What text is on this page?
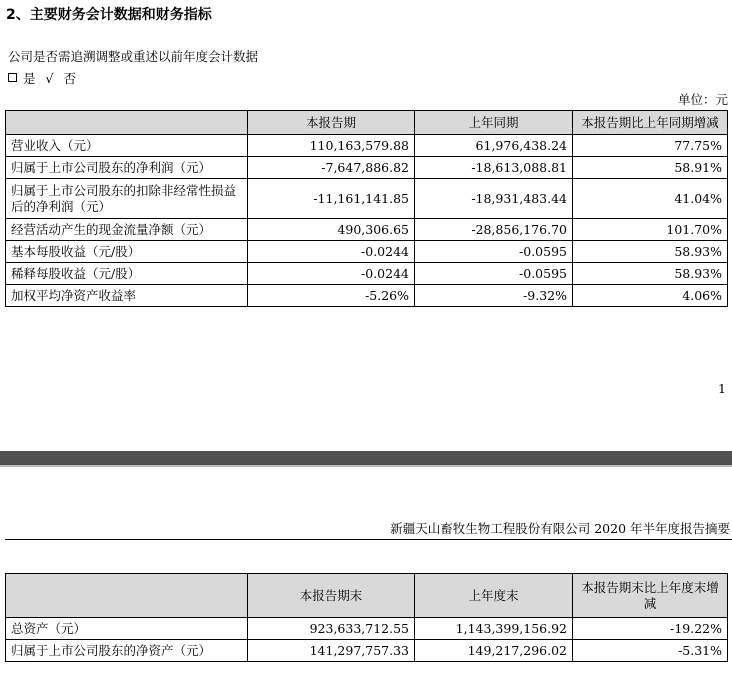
2、主要财务会计数据和财务指标
公司是否需追溯调整或重述以前年度会计数据
是 √ 否
单位：元
	本报告期	上年同期	本报告期比上年同期增减
营业收入（元）	110,163,579.88	61,976,438.24	77.75%
归属于上市公司股东的净利润（元）	-7,647,886.82	-18,613,088.81	58.91%
归属于上市公司股东的扣除非经常性损益后的净利润（元）	-11,161,141.85	-18,931,483.44	41.04%
经营活动产生的现金流量净额（元）	490,306.65	-28,856,176.70	101.70%
基本每股收益（元/股）	-0.0244	-0.0595	58.93%
稀释每股收益（元/股）	-0.0244	-0.0595	58.93%
加权平均净资产收益率	-5.26%	-9.32%	4.06%
1
新疆天山畜牧生物工程股份有限公司 2020 年半年度报告摘要
	本报告期末	上年度末	本报告期末比上年度末增减
总资产（元）	923,633,712.55	1,143,399,156.92	-19.22%
归属于上市公司股东的净资产（元）	141,297,757.33	149,217,296.02	-5.31%
